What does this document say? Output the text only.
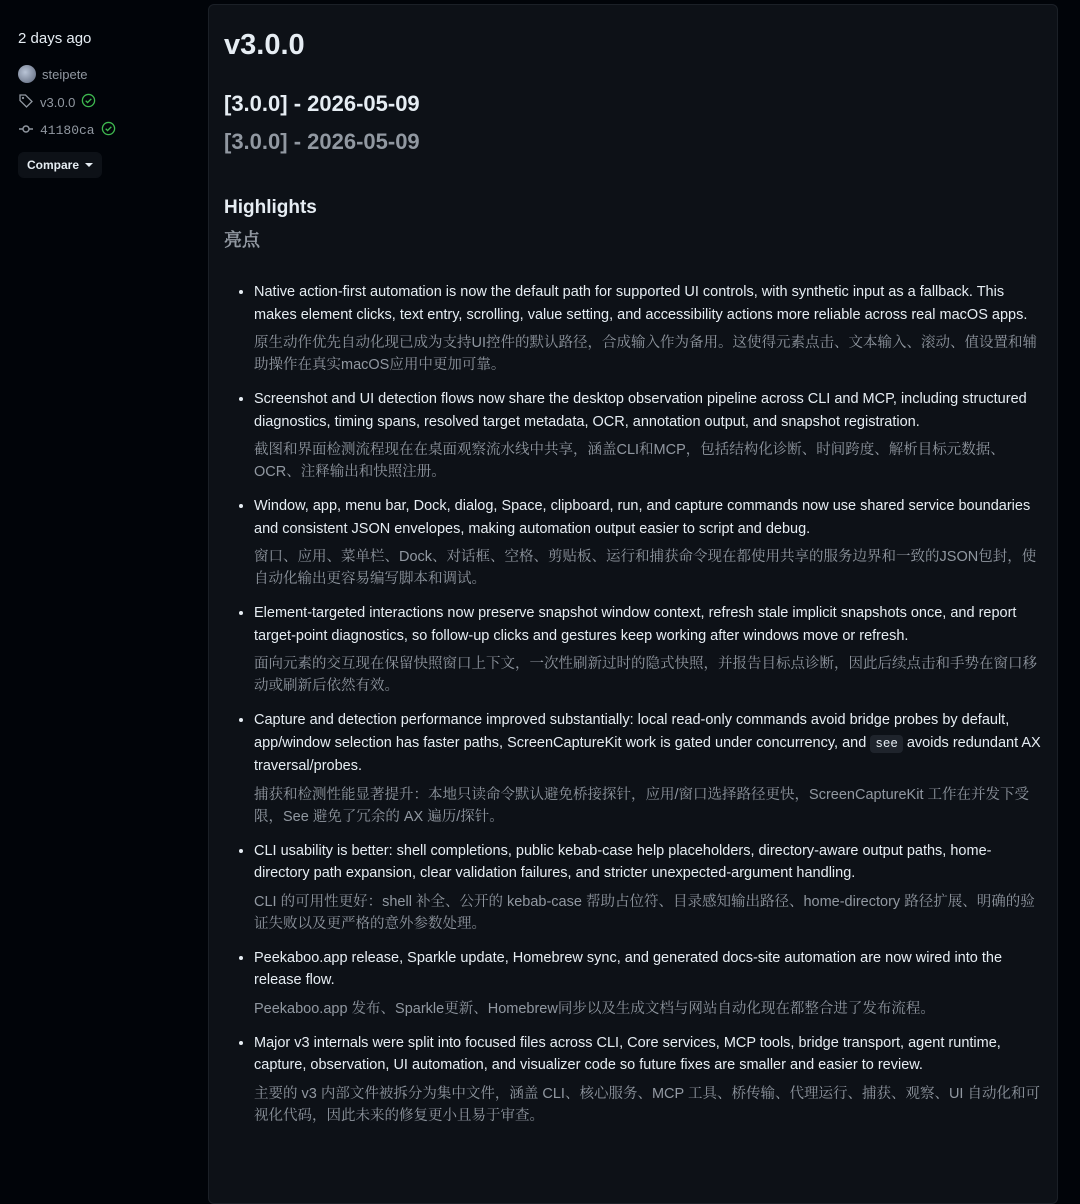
2 days ago
steipete
v3.0.0
41180ca
Compare
v3.0.0
[3.0.0] - 2026-05-09
[3.0.0] - 2026-05-09
Highlights
亮点

• Native action-first automation is now the default path for supported UI controls, with synthetic input as a fallback. This makes element clicks, text entry, scrolling, value setting, and accessibility actions more reliable across real macOS apps.

原生动作优先自动化现已成为支持UI控件的默认路径，合成输入作为备用。这使得元素点击、文本输入、滚动、值设置和辅助操作在真实macOS应用中更加可靠。

• Screenshot and UI detection flows now share the desktop observation pipeline across CLI and MCP, including structured diagnostics, timing spans, resolved target metadata, OCR, annotation output, and snapshot registration.

截图和界面检测流程现在在桌面观察流水线中共享，涵盖CLI和MCP，包括结构化诊断、时间跨度、解析目标元数据、OCR、注释输出和快照注册。

• Window, app, menu bar, Dock, dialog, Space, clipboard, run, and capture commands now use shared service boundaries and consistent JSON envelopes, making automation output easier to script and debug.

窗口、应用、菜单栏、Dock、对话框、空格、剪贴板、运行和捕获命令现在都使用共享的服务边界和一致的JSON包封，使自动化输出更容易编写脚本和调试。

• Element-targeted interactions now preserve snapshot window context, refresh stale implicit snapshots once, and report target-point diagnostics, so follow-up clicks and gestures keep working after windows move or refresh.

面向元素的交互现在保留快照窗口上下文，一次性刷新过时的隐式快照，并报告目标点诊断，因此后续点击和手势在窗口移动或刷新后依然有效。

• Capture and detection performance improved substantially: local read-only commands avoid bridge probes by default, app/window selection has faster paths, ScreenCaptureKit work is gated under concurrency, and see avoids redundant AX traversal/probes.

捕获和检测性能显著提升：本地只读命令默认避免桥接探针，应用/窗口选择路径更快，ScreenCaptureKit 工作在并发下受限，See 避免了冗余的 AX 遍历/探针。

• CLI usability is better: shell completions, public kebab-case help placeholders, directory-aware output paths, home-directory path expansion, clear validation failures, and stricter unexpected-argument handling.

CLI 的可用性更好：shell 补全、公开的 kebab-case 帮助占位符、目录感知输出路径、home-directory 路径扩展、明确的验证失败以及更严格的意外参数处理。

• Peekaboo.app release, Sparkle update, Homebrew sync, and generated docs-site automation are now wired into the release flow.

Peekaboo.app 发布、Sparkle更新、Homebrew同步以及生成文档与网站自动化现在都整合进了发布流程。

• Major v3 internals were split into focused files across CLI, Core services, MCP tools, bridge transport, agent runtime, capture, observation, UI automation, and visualizer code so future fixes are smaller and easier to review.

主要的 v3 内部文件被拆分为集中文件，涵盖 CLI、核心服务、MCP 工具、桥传输、代理运行、捕获、观察、UI 自动化和可视化代码，因此未来的修复更小且易于审查。
